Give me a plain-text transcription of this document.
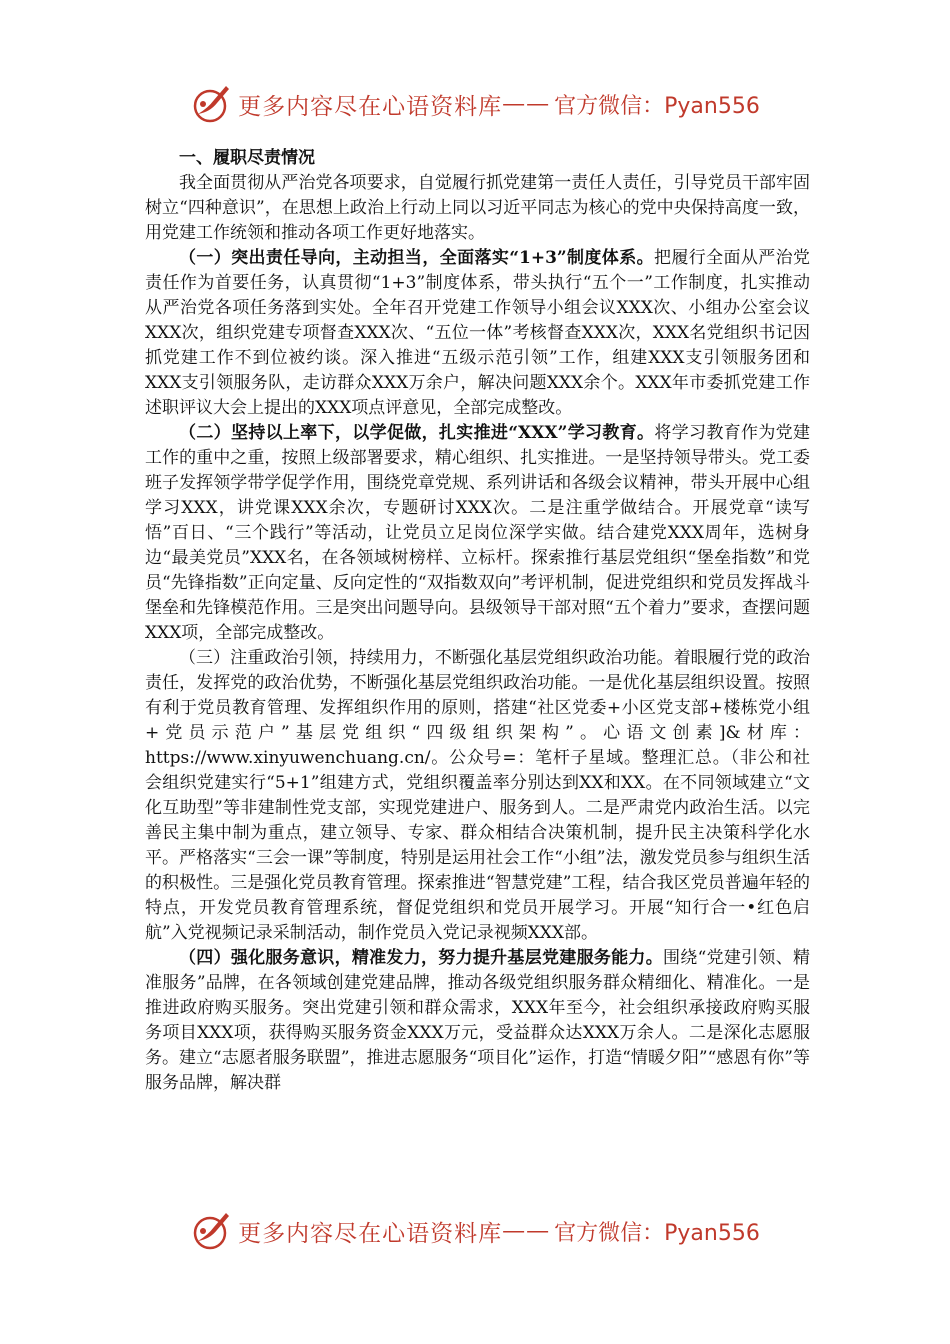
更多内容尽在心语资料库 —— 官方微信：Pyan556

一、履职尽责情况

我全面贯彻从严治党各项要求，自觉履行抓党建第一责任人责任，引导党员干部牢固树立“四种意识”，在思想上政治上行动上同以习近平同志为核心的党中央保持高度一致，用党建工作统领和推动各项工作更好地落实。

（一）突出责任导向，主动担当，全面落实“1+3”制度体系。把履行全面从严治党责任作为首要任务，认真贯彻“1+3”制度体系，带头执行“五个一”工作制度，扎实推动从严治党各项任务落到实处。全年召开党建工作领导小组会议XXX次、小组办公室会议XXX次，组织党建专项督查XXX次、“五位一体”考核督查XXX次，XXX名党组织书记因抓党建工作不到位被约谈。深入推进“五级示范引领”工作，组建XXX支引领服务团和XXX支引领服务队，走访群众XXX万余户，解决问题XXX余个。XXX年市委抓党建工作述职评议大会上提出的XXX项点评意见，全部完成整改。

（二）坚持以上率下，以学促做，扎实推进“XXX”学习教育。将学习教育作为党建工作的重中之重，按照上级部署要求，精心组织、扎实推进。一是坚持领导带头。党工委班子发挥领学带学促学作用，围绕党章党规、系列讲话和各级会议精神，带头开展中心组学习XXX，讲党课XXX余次，专题研讨XXX次。二是注重学做结合。开展党章“读写悟”百日、“三个践行”等活动，让党员立足岗位深学实做。结合建党XXX周年，选树身边“最美党员”XXX名，在各领域树榜样、立标杆。探索推行基层党组织“堡垒指数”和党员“先锋指数”正向定量、反向定性的“双指数双向”考评机制，促进党组织和党员发挥战斗堡垒和先锋模范作用。三是突出问题导向。县级领导干部对照“五个着力”要求，查摆问题XXX项，全部完成整改。

（三）注重政治引领，持续用力，不断强化基层党组织政治功能。着眼履行党的政治责任，发挥党的政治优势，不断强化基层党组织政治功能。一是优化基层组织设置。按照有利于党员教育管理、发挥组织作用的原则，搭建“社区党委+小区党支部+楼栋党小组+党员示范户”基层党组织“四级组织架构”。心语文创素]&材库：https://www.xinyuwenchuang.cn/。公众号=：笔杆子星域。整理汇总。（非公和社会组织党建实行“5+1”组建方式，党组织覆盖率分别达到XX和XX。在不同领域建立“文化互助型”等非建制性党支部，实现党建进户、服务到人。二是严肃党内政治生活。以完善民主集中制为重点，建立领导、专家、群众相结合决策机制，提升民主决策科学化水平。严格落实“三会一课”等制度，特别是运用社会工作“小组”法，激发党员参与组织生活的积极性。三是强化党员教育管理。探索推进“智慧党建”工程，结合我区党员普遍年轻的特点，开发党员教育管理系统，督促党组织和党员开展学习。开展“知行合一•红色启航”入党视频记录采制活动，制作党员入党记录视频XXX部。

（四）强化服务意识，精准发力，努力提升基层党建服务能力。围绕“党建引领、精准服务”品牌，在各领域创建党建品牌，推动各级党组织服务群众精细化、精准化。一是推进政府购买服务。突出党建引领和群众需求，XXX年至今，社会组织承接政府购买服务项目XXX项，获得购买服务资金XXX万元，受益群众达XXX万余人。二是深化志愿服务。建立“志愿者服务联盟”，推进志愿服务“项目化”运作，打造“情暖夕阳”“感恩有你”等服务品牌，解决群

更多内容尽在心语资料库 —— 官方微信：Pyan556
